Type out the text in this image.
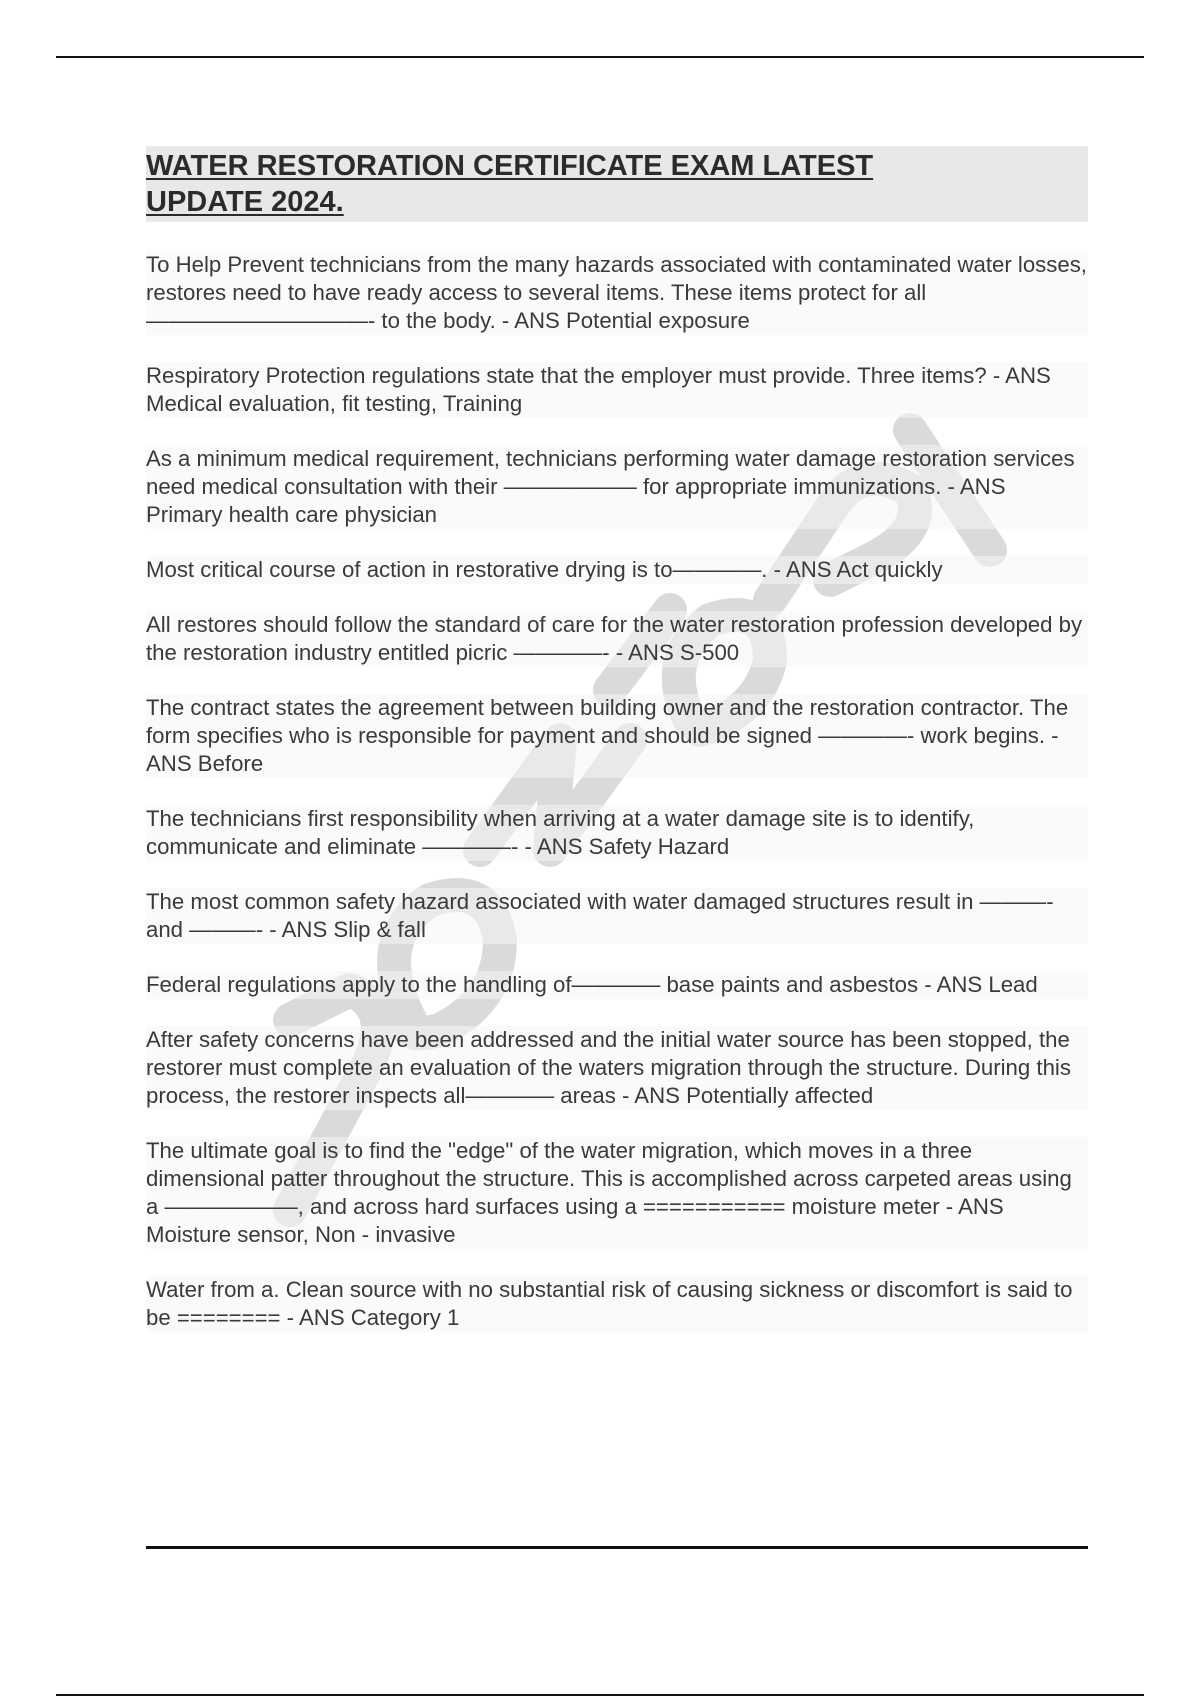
WATER RESTORATION CERTIFICATE EXAM LATEST
UPDATE 2024.

To Help Prevent technicians from the many hazards associated with contaminated water losses, restores need to have ready access to several items. These items protect for all——————————- to the body. - ANS Potential exposure

Respiratory Protection regulations state that the employer must provide. Three items? - ANS Medical evaluation, fit testing, Training

As a minimum medical requirement, technicians performing water damage restoration services need medical consultation with their —————— for appropriate immunizations. - ANS Primary health care physician

Most critical course of action in restorative drying is to————. - ANS Act quickly

All restores should follow the standard of care for the water restoration profession developed by the restoration industry entitled picric ————- - ANS S-500

The contract states the agreement between building owner and the restoration contractor. The form specifies who is responsible for payment and should be signed ————- work begins. - ANS Before

The technicians first responsibility when arriving at a water damage site is to identify, communicate and eliminate ————- - ANS Safety Hazard

The most common safety hazard associated with water damaged structures result in ———- and ———- - ANS Slip & fall

Federal regulations apply to the handling of———— base paints and asbestos - ANS Lead

After safety concerns have been addressed and the initial water source has been stopped, the restorer must complete an evaluation of the waters migration through the structure. During this process, the restorer inspects all———— areas - ANS Potentially affected

The ultimate goal is to find the "edge" of the water migration, which moves in a three dimensional patter throughout the structure. This is accomplished across carpeted areas using a ——————, and across hard surfaces using a =========== moisture meter - ANS Moisture sensor, Non - invasive

Water from a. Clean source with no substantial risk of causing sickness or discomfort is said to be ======== - ANS Category 1
